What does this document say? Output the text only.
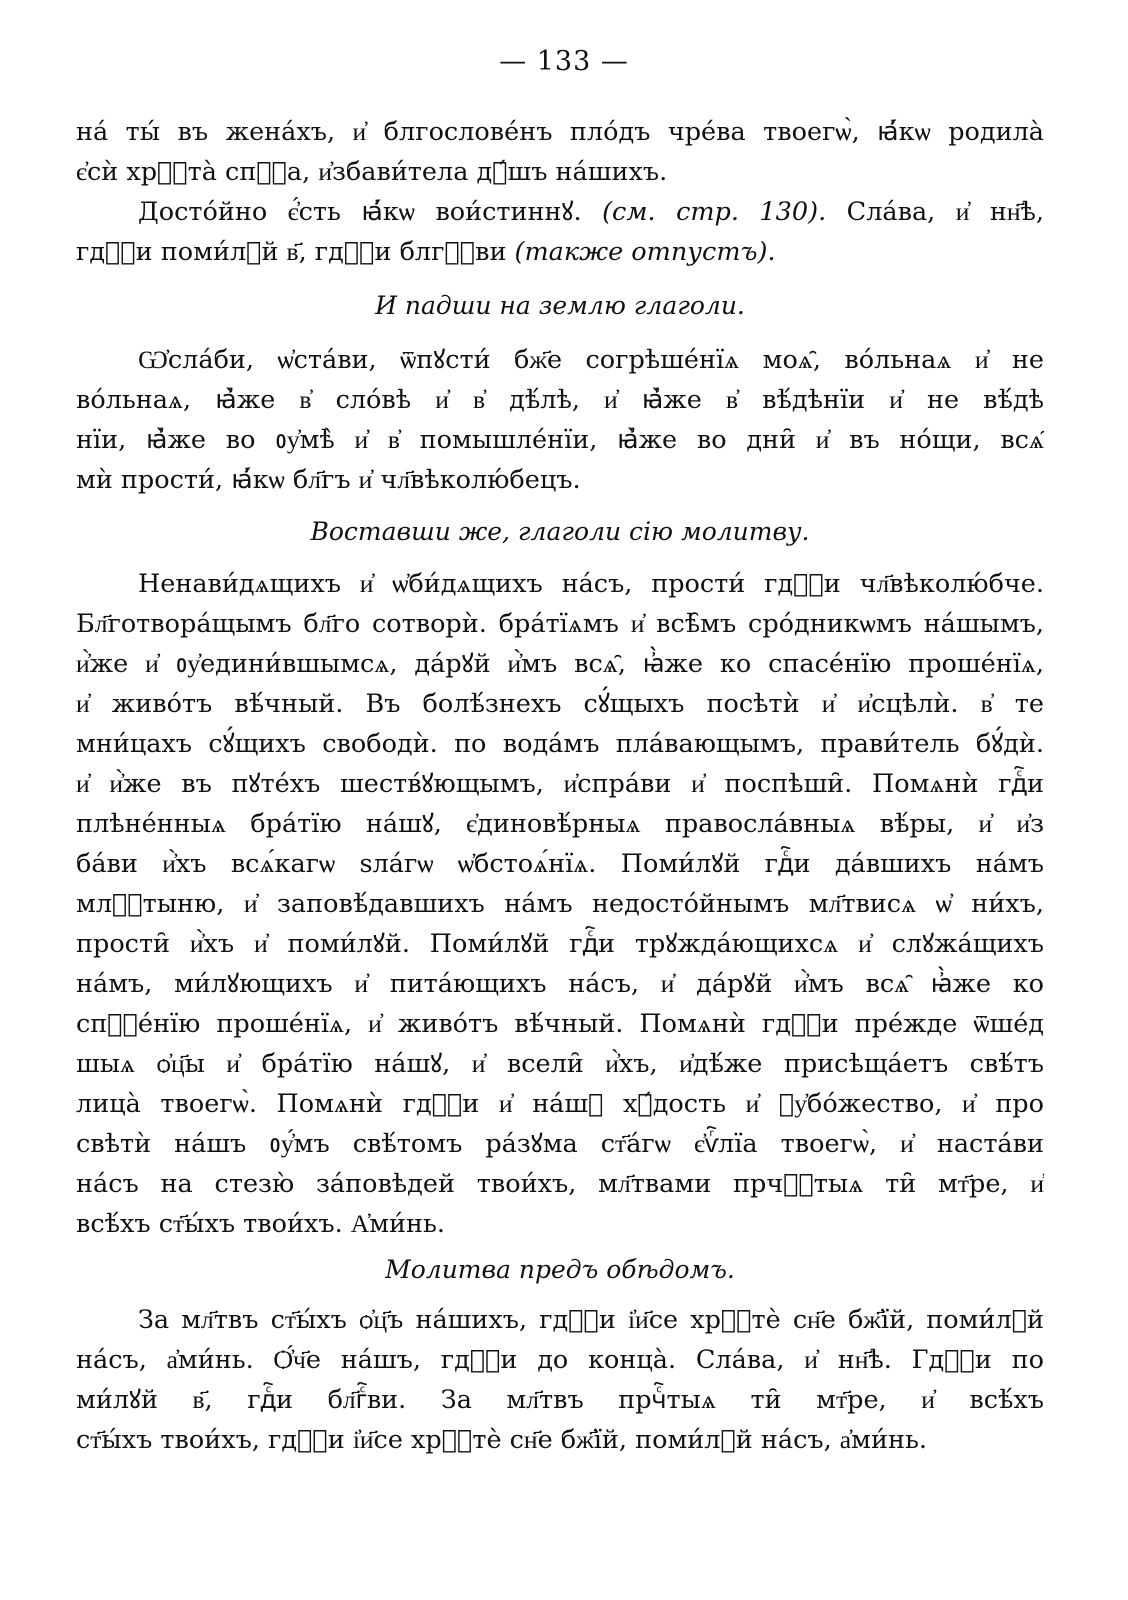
— 133 —
на́ ты́ въ жена́хъ, и҆ блгослове́нъ пло́дъ чре́ва твоегѡ̀, ꙗ҆́кѡ родила̀
є҆сѝ хрⷭ҇та̀ спⷭ҇а, и҆збави́тела дꙋ́шъ на́шихъ.
Досто́йно є҆́сть ꙗ҆́кѡ вои́стиннꙋ. (см. стр. 130). Сла́ва, и҆ нн҃ѣ,
гдⷭ҇и поми́лꙋй в҃, гдⷭ҇и блгⷭ҇ви (также отпустъ).
И падши на землю глаголи.
Ѡ҆сла́би, ѡ҆ста́ви, ѿпꙋсти́ бж҃е согрѣше́нїѧ моѧ̑, во́льнаѧ и҆ не
во́льнаѧ, ꙗ҆̀же в҆ сло́вѣ и҆ в҆ дѣ́лѣ, и҆ ꙗ҆̀же в҆ вѣ́дѣнїи и҆ не вѣ́дѣ
нїи, ꙗ҆̀же во ᲂу҆мѣ̀ и҆ в҆ помышле́нїи, ꙗ҆̀же во дни̑ и҆ въ но́щи, всѧ̑
мѝ прости́, ꙗ҆́кѡ бл҃гъ и҆ чл҃вѣколю́бецъ.
Воставши же, глаголи сію молитву.
Ненави́дѧщихъ и҆ ѡ҆би́дѧщихъ на́съ, прости́ гдⷭ҇и чл҃вѣколю́бче.
Бл҃готвора́щымъ бл҃го сотворѝ. бра́тїѧмъ и҆ всѣ̑мъ сро́дникѡмъ на́шымъ,
и҆̀же и҆ ᲂу҆едини́вшымсѧ, да́рꙋй и҆̀мъ всѧ̑, ꙗ҆̀же ко спасе́нїю проше́нїѧ,
и҆ живо́тъ вѣ́чный. Въ болѣ́знехъ сꙋ́щыхъ посѣтѝ и҆ и҆сцѣлѝ. в҆ те
мни́цахъ сꙋ́щихъ свободѝ. по вода́мъ пла́вающымъ, прави́тель бꙋ́дѝ.
и҆ и҆̀же въ пꙋте́хъ шеств́ꙋющымъ, и҆спра́ви и҆ поспѣши̑. Помѧнѝ гдⷭ҇и
плѣне́нныѧ бра́тїю на́шꙋ, є҆диновѣ́рныѧ правосла́вныѧ вѣ́ры, и҆ и҆з
ба́ви и҆̀хъ всѧ́кагѡ ѕла́гѡ ѡ҆бстоѧ́нїѧ. Поми́лꙋй гдⷭ҇и да́вшихъ на́мъ
млⷭ҇тыню, и҆ заповѣ́давшихъ на́мъ недосто́йнымъ мл҃твисѧ ѡ҆ ни́хъ,
прости̑ и҆̀хъ и҆ поми́лꙋй. Поми́лꙋй гдⷭ҇и трꙋжда́ющихсѧ и҆ слꙋжа́щихъ
на́мъ, ми́лꙋющихъ и҆ пита́ющихъ на́съ, и҆ да́рꙋй и҆̀мъ всѧ̑ ꙗ҆̀же ко
спⷭ҇е́нїю проше́нїѧ, и҆ живо́тъ вѣ́чный. Помѧнѝ гдⷭ҇и пре́жде ѿше́д
шыѧ ѻ҆ц҃ы и҆ бра́тїю на́шꙋ, и҆ всели̑ и҆̀хъ, и҆дѣ́же присѣща́етъ свѣ́тъ
лица̀ твоегѡ̀. Помѧнѝ гдⷭ҇и и҆ на́шꙋ хꙋ́дость и҆ ᲂу҆бо́жество, и҆ про
свѣтѝ на́шъ ᲂу҆́мъ свѣ́томъ ра́зꙋма ст҃а́гѡ є҆ѵⷢ҇лїа твоегѡ̀, и҆ наста́ви
на́съ на стезю̀ за́повѣдей твои́хъ, мл҃твами прчⷭ҇тыѧ ти̑ мт҃ре, и҆
всѣ́хъ ст҃ы́хъ твои́хъ. А҆ми́нь.
Молитва предъ обѣдомъ.
За мл҃твъ ст҃ы́хъ ѻ҆ц҃ъ на́шихъ, гдⷭ҇и і҆и҃се хрⷭ҇тѐ сн҃е бж҃їй, поми́лꙋй
на́съ, а҆ми́нь. Ѻ҆́ч҃е на́шъ, гдⷭ҇и до конца̀. Сла́ва, и҆ нн҃ѣ. Гдⷭ҇и по
ми́лꙋй в҃, гдⷭ҇и бл҃гⷭ҇ви. За мл҃твъ прчⷭ҇тыѧ ти̑ мт҃ре, и҆ всѣ́хъ
ст҃ы́хъ твои́хъ, гдⷭ҇и і҆и҃се хрⷭ҇тѐ сн҃е бж҃їй, поми́лꙋй на́съ, а҆ми́нь.
